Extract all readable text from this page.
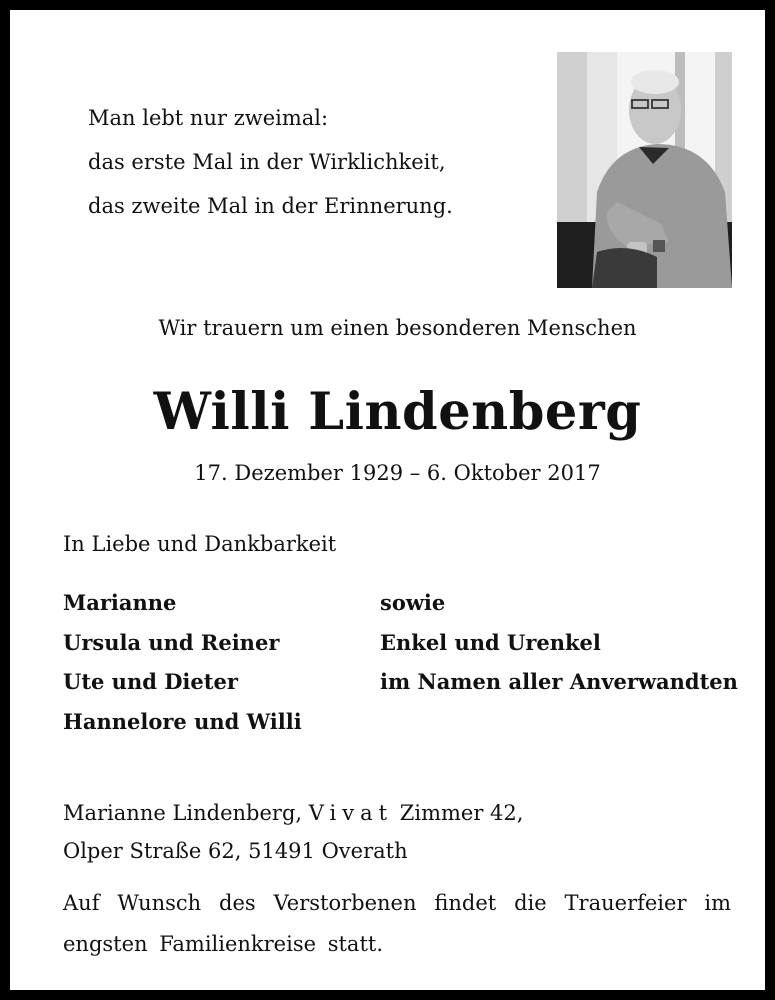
Man lebt nur zweimal:
das erste Mal in der Wirklichkeit,
das zweite Mal in der Erinnerung.
Wir trauern um einen besonderen Menschen
Willi Lindenberg
17. Dezember 1929 – 6. Oktober 2017
In Liebe und Dankbarkeit
Marianne
Ursula und Reiner
Ute und Dieter
Hannelore und Willi
sowie
Enkel und Urenkel
im Namen aller Anverwandten
Marianne Lindenberg, Vivat Zimmer 42,
Olper Straße 62, 51491 Overath
Auf Wunsch des Verstorbenen findet die Trauerfeier im engsten Familienkreise statt.
